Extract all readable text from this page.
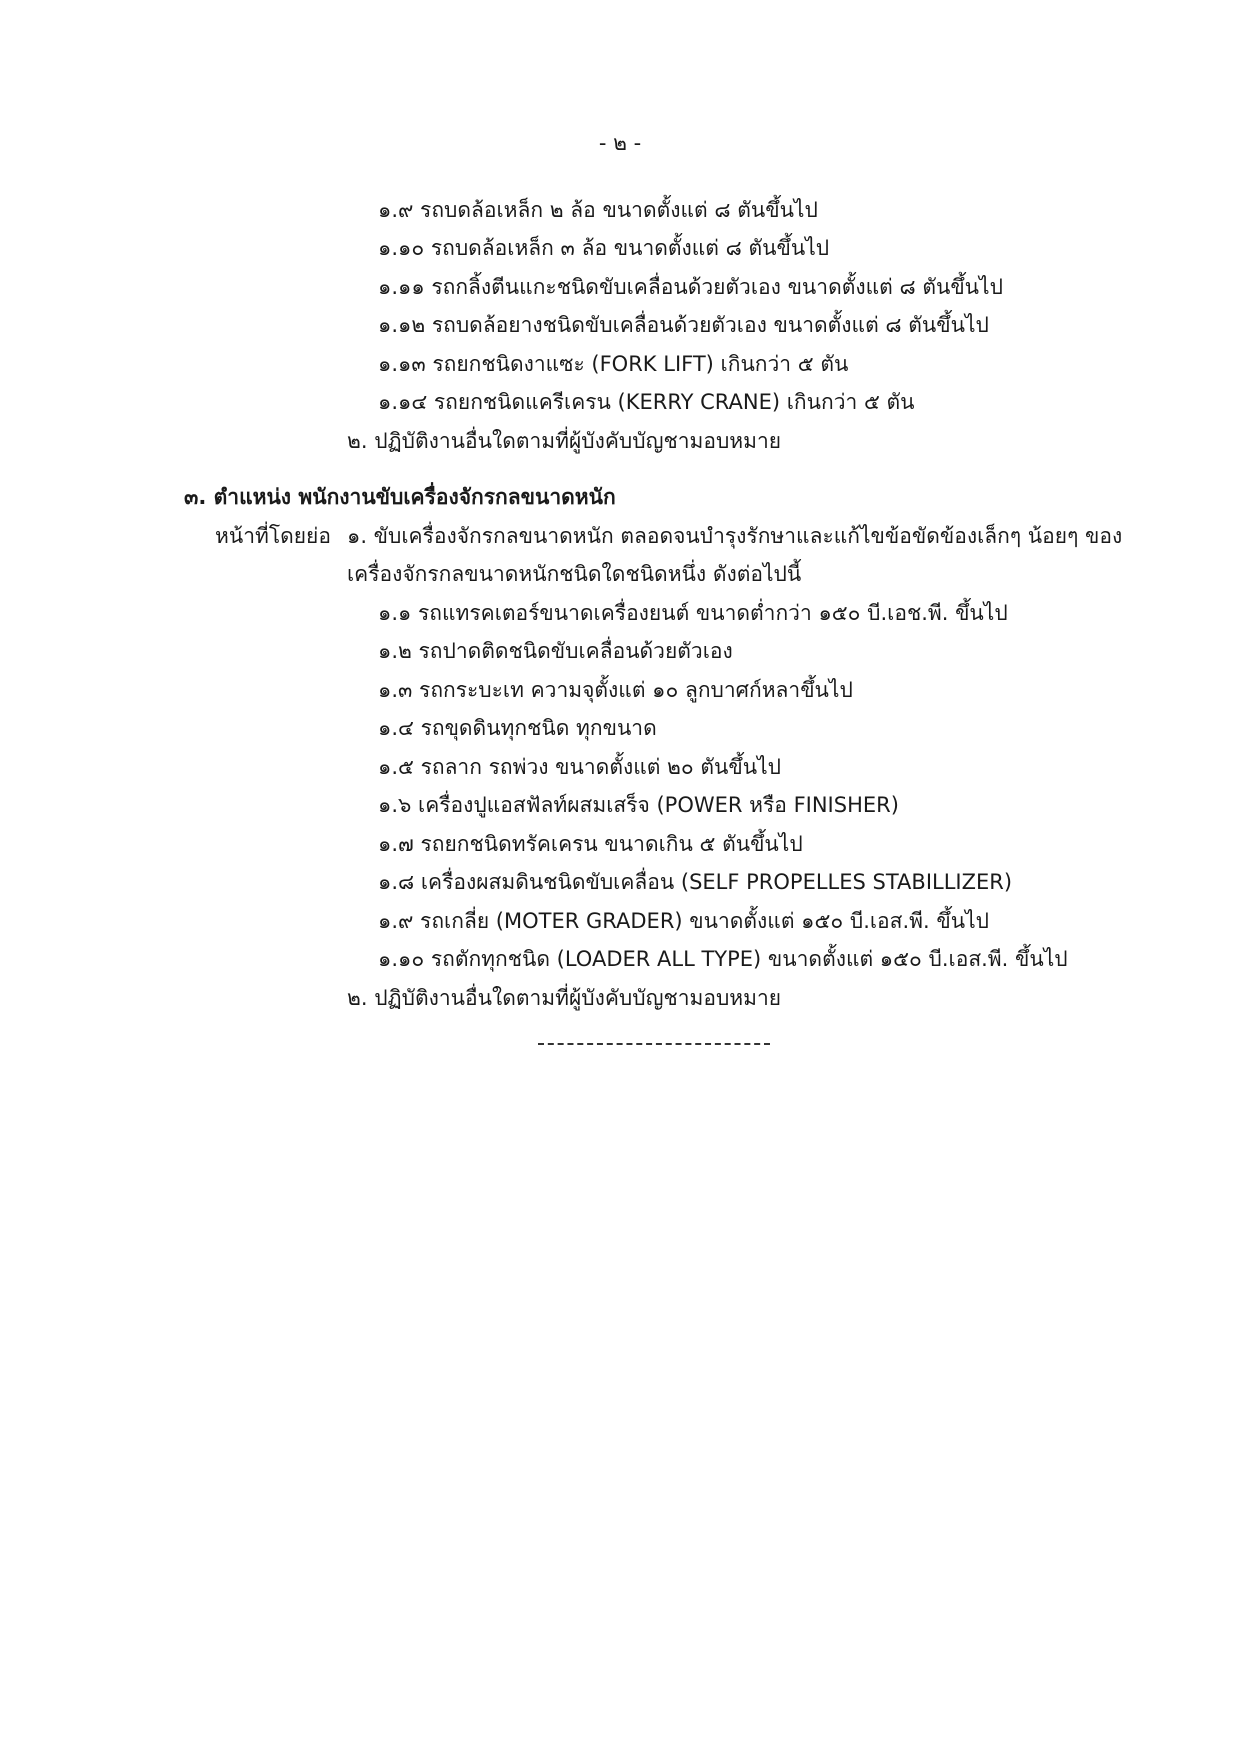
- ๒ -
๑.๙ รถบดล้อเหล็ก ๒ ล้อ ขนาดตั้งแต่ ๘ ตันขึ้นไป
๑.๑๐ รถบดล้อเหล็ก ๓ ล้อ ขนาดตั้งแต่ ๘ ตันขึ้นไป
๑.๑๑ รถกลิ้งตีนแกะชนิดขับเคลื่อนด้วยตัวเอง ขนาดตั้งแต่ ๘ ตันขึ้นไป
๑.๑๒ รถบดล้อยางชนิดขับเคลื่อนด้วยตัวเอง ขนาดตั้งแต่ ๘ ตันขึ้นไป
๑.๑๓ รถยกชนิดงาแซะ (FORK LIFT) เกินกว่า ๕ ตัน
๑.๑๔ รถยกชนิดแครีเครน (KERRY CRANE) เกินกว่า ๕ ตัน
๒. ปฏิบัติงานอื่นใดตามที่ผู้บังคับบัญชามอบหมาย
๓. ตำแหน่ง พนักงานขับเครื่องจักรกลขนาดหนัก
หน้าที่โดยย่อ ๑. ขับเครื่องจักรกลขนาดหนัก ตลอดจนบำรุงรักษาและแก้ไขข้อขัดข้องเล็กๆ น้อยๆ ของ
เครื่องจักรกลขนาดหนักชนิดใดชนิดหนึ่ง ดังต่อไปนี้
๑.๑ รถแทรคเตอร์ขนาดเครื่องยนต์ ขนาดต่ำกว่า ๑๕๐ บี.เอช.พี. ขึ้นไป
๑.๒ รถปาดติดชนิดขับเคลื่อนด้วยตัวเอง
๑.๓ รถกระบะเท ความจุตั้งแต่ ๑๐ ลูกบาศก์หลาขึ้นไป
๑.๔ รถขุดดินทุกชนิด ทุกขนาด
๑.๕ รถลาก รถพ่วง ขนาดตั้งแต่ ๒๐ ตันขึ้นไป
๑.๖ เครื่องปูแอสฟัลท์ผสมเสร็จ (POWER หรือ FINISHER)
๑.๗ รถยกชนิดทรัคเครน ขนาดเกิน ๕ ตันขึ้นไป
๑.๘ เครื่องผสมดินชนิดขับเคลื่อน (SELF PROPELLES STABILLIZER)
๑.๙ รถเกลี่ย (MOTER GRADER) ขนาดตั้งแต่ ๑๕๐ บี.เอส.พี. ขึ้นไป
๑.๑๐ รถตักทุกชนิด (LOADER ALL TYPE) ขนาดตั้งแต่ ๑๕๐ บี.เอส.พี. ขึ้นไป
๒. ปฏิบัติงานอื่นใดตามที่ผู้บังคับบัญชามอบหมาย
